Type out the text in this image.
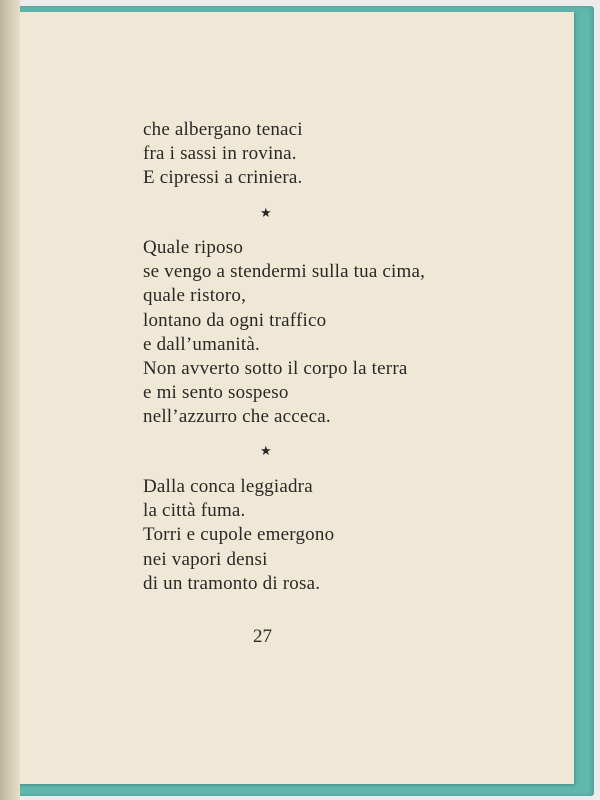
che albergano tenaci
fra i sassi in rovina.
E cipressi a criniera.
★
Quale riposo
se vengo a stendermi sulla tua cima,
quale ristoro,
lontano da ogni traffico
e dall’umanità.
Non avverto sotto il corpo la terra
e mi sento sospeso
nell’azzurro che acceca.
★
Dalla conca leggiadra
la città fuma.
Torri e cupole emergono
nei vapori densi
di un tramonto di rosa.
27
